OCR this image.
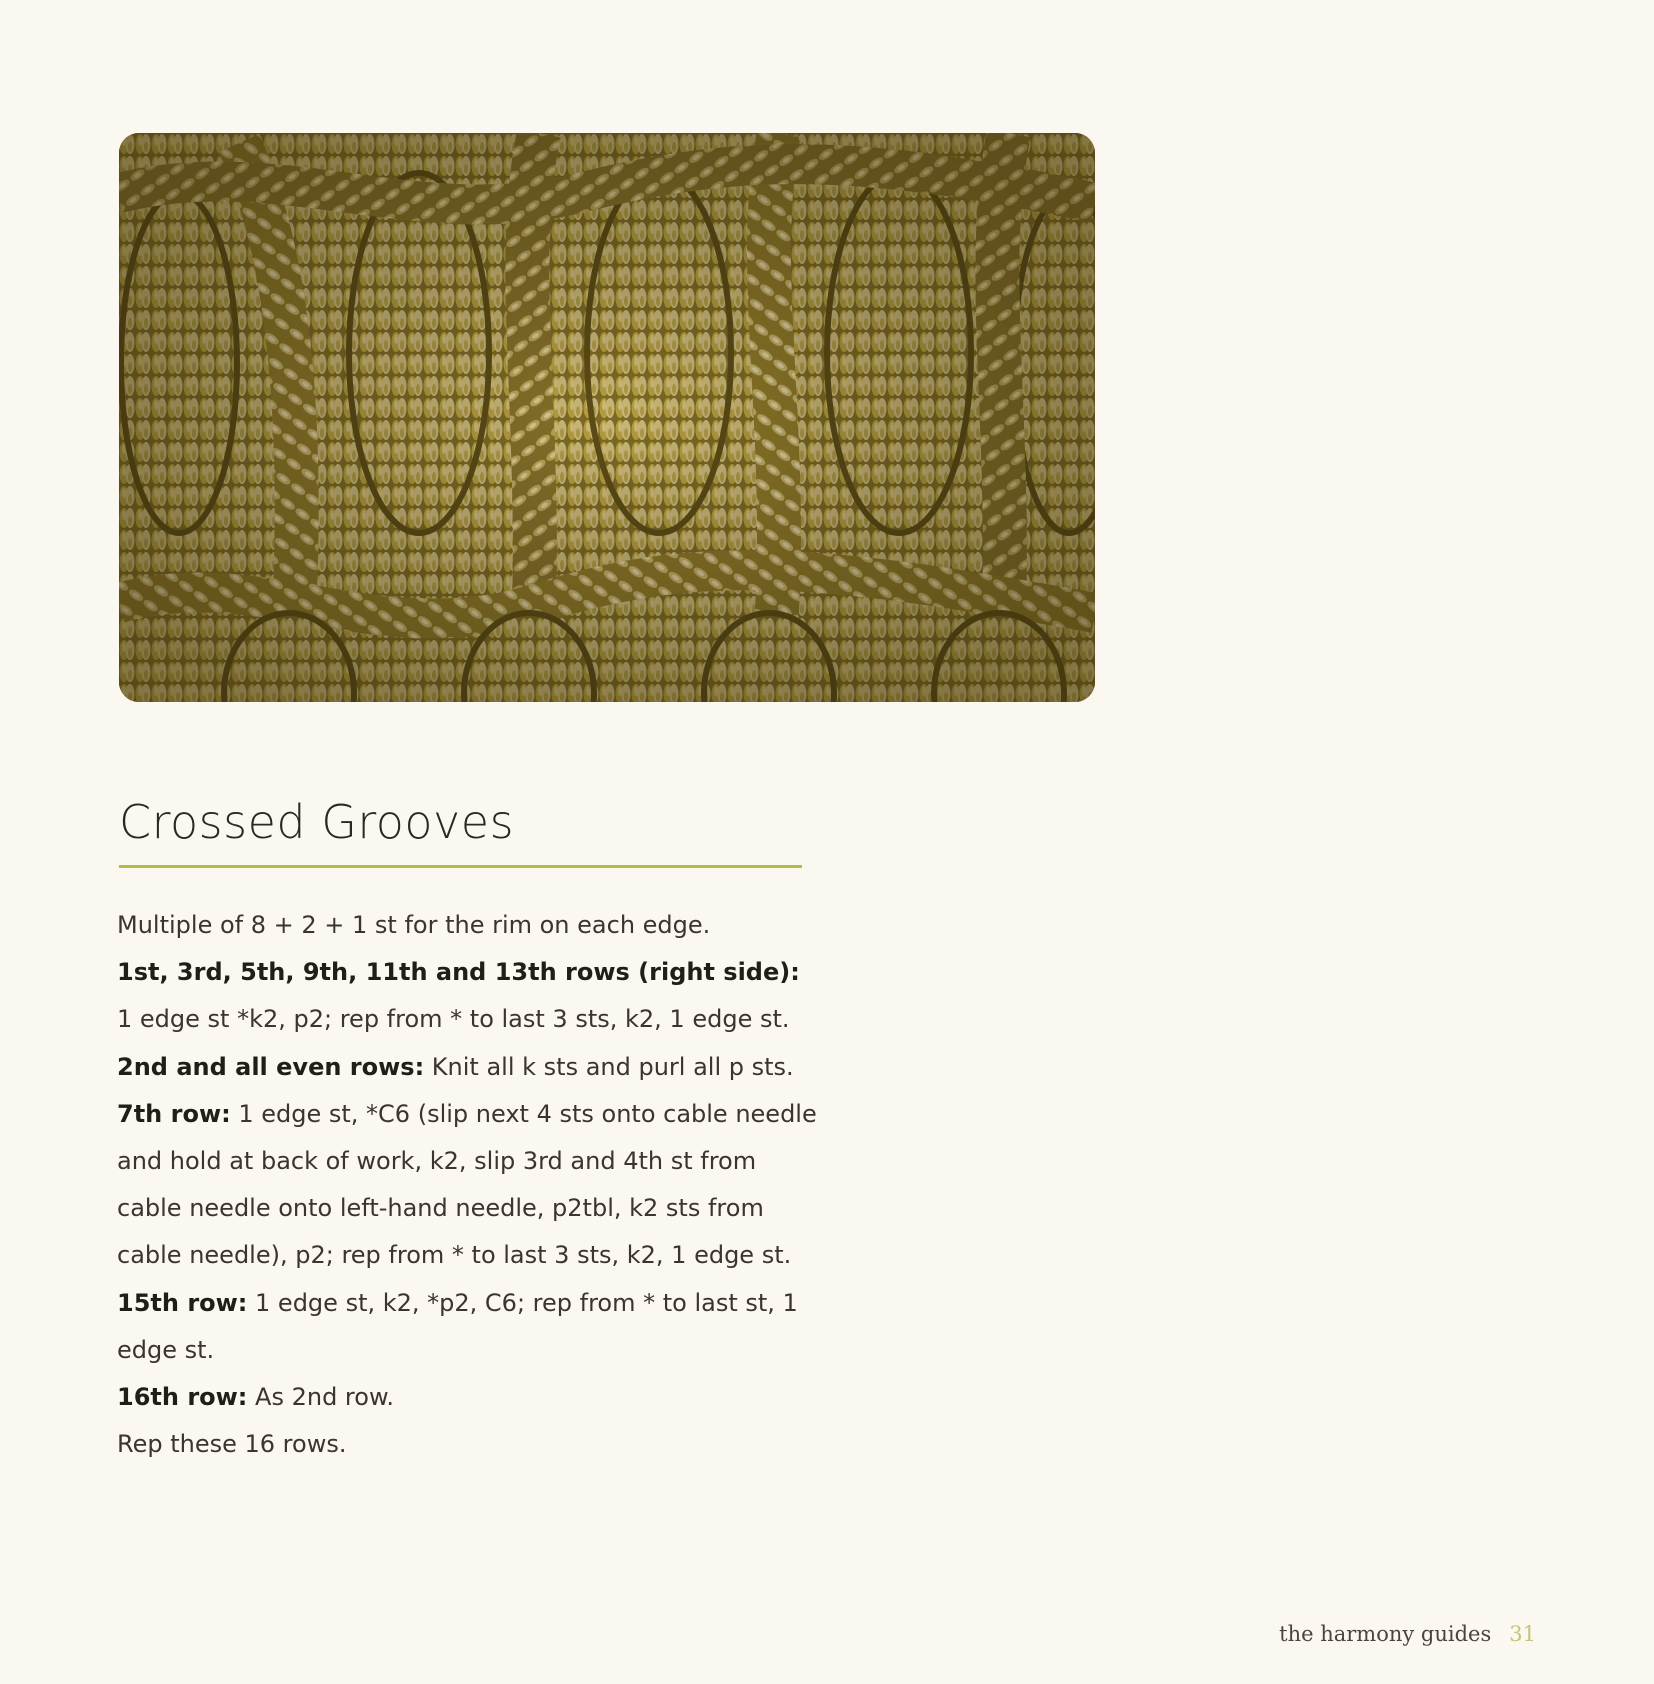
Crossed Grooves

Multiple of 8 + 2 + 1 st for the rim on each edge.

1st, 3rd, 5th, 9th, 11th and 13th rows (right side): 1 edge st *k2, p2; rep from * to last 3 sts, k2, 1 edge st.

2nd and all even rows: Knit all k sts and purl all p sts.

7th row: 1 edge st, *C6 (slip next 4 sts onto cable needle and hold at back of work, k2, slip 3rd and 4th st from cable needle onto left-hand needle, p2tbl, k2 sts from cable needle), p2; rep from * to last 3 sts, k2, 1 edge st.

15th row: 1 edge st, k2, *p2, C6; rep from * to last st, 1 edge st.

16th row: As 2nd row.

Rep these 16 rows.

the harmony guides 31
